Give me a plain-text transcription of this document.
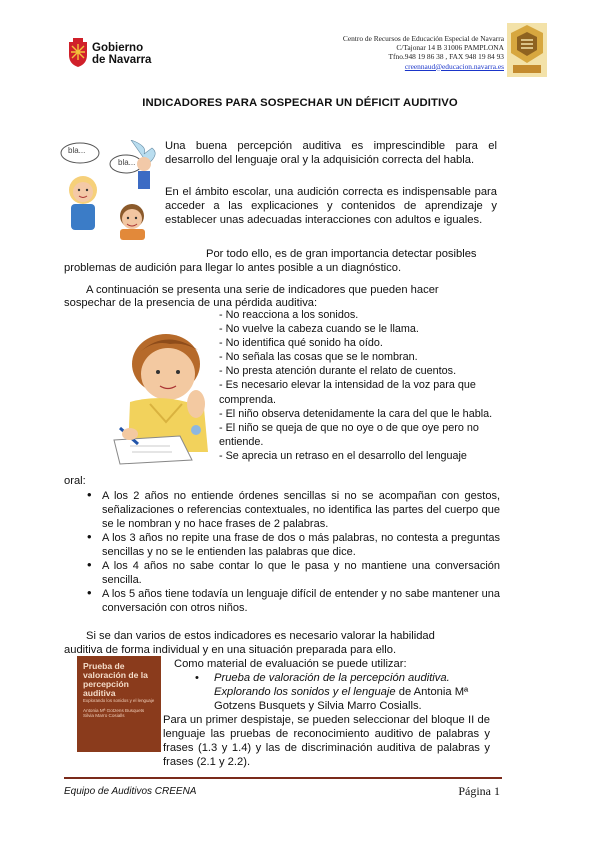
Gobierno
de Navarra
Centro de Recursos de Educación Especial de Navarra
C/Tajonar 14 B 31006 PAMPLONA
Tfno.948 19 86 38 , FAX 948 19 84 93
creennaud@educacion.navarra.es
INDICADORES PARA SOSPECHAR UN DÉFICIT AUDITIVO
bla...
bla...
Una buena percepción auditiva es imprescindible para el desarrollo del lenguaje oral y la adquisición correcta del habla.
En el ámbito escolar, una audición correcta es indispensable para acceder a las explicaciones y contenidos de aprendizaje y establecer unas adecuadas interacciones con adultos e iguales.
Por todo ello, es de gran importancia detectar posibles
problemas de audición para llegar lo antes posible a un diagnóstico.
A continuación se presenta una serie de indicadores que pueden hacer
sospechar de la presencia de una pérdida auditiva:
- No reacciona a los sonidos.
- No vuelve la cabeza cuando se le llama.
- No identifica qué sonido ha oído.
- No señala las cosas que se le nombran.
- No presta atención durante el relato de cuentos.
- Es necesario elevar la intensidad de la voz para que comprenda.
- El niño observa detenidamente la cara del que le habla.
- El niño se queja de que no oye o de que oye pero no entiende.
- Se aprecia un retraso en el desarrollo del lenguaje
oral:
• A los 2 años no entiende órdenes sencillas si no se acompañan con gestos, señalizaciones o referencias contextuales, no identifica las partes del cuerpo que se le nombran y no hace frases de 2 palabras.
• A los 3 años no repite una frase de dos o más palabras, no contesta a preguntas sencillas y no se le entienden las palabras que dice.
• A los 4 años no sabe contar lo que le pasa y no mantiene una conversación sencilla.
• A los 5 años tiene todavía un lenguaje difícil de entender y no sabe mantener una conversación con otros niños.
Si se dan varios de estos indicadores es necesario valorar la habilidad
auditiva de forma individual y en una situación preparada para ello.
Prueba de valoración de la percepción auditiva
Explorando los sonidos y el lenguaje
Antonia Mª Gotzens Busquets Silvia Marro Cosialls
Como material de evaluación se puede utilizar:
• Prueba de valoración de la percepción auditiva. Explorando los sonidos y el lenguaje de Antonia Mª Gotzens Busquets y Silvia Marro Cosialls.
Para un primer despistaje, se pueden seleccionar del bloque II de lenguaje las pruebas de reconocimiento auditivo de palabras y frases (1.3 y 1.4) y las de discriminación auditiva de palabras y frases (2.1 y 2.2).
Equipo de Auditivos CREENA	Página 1
